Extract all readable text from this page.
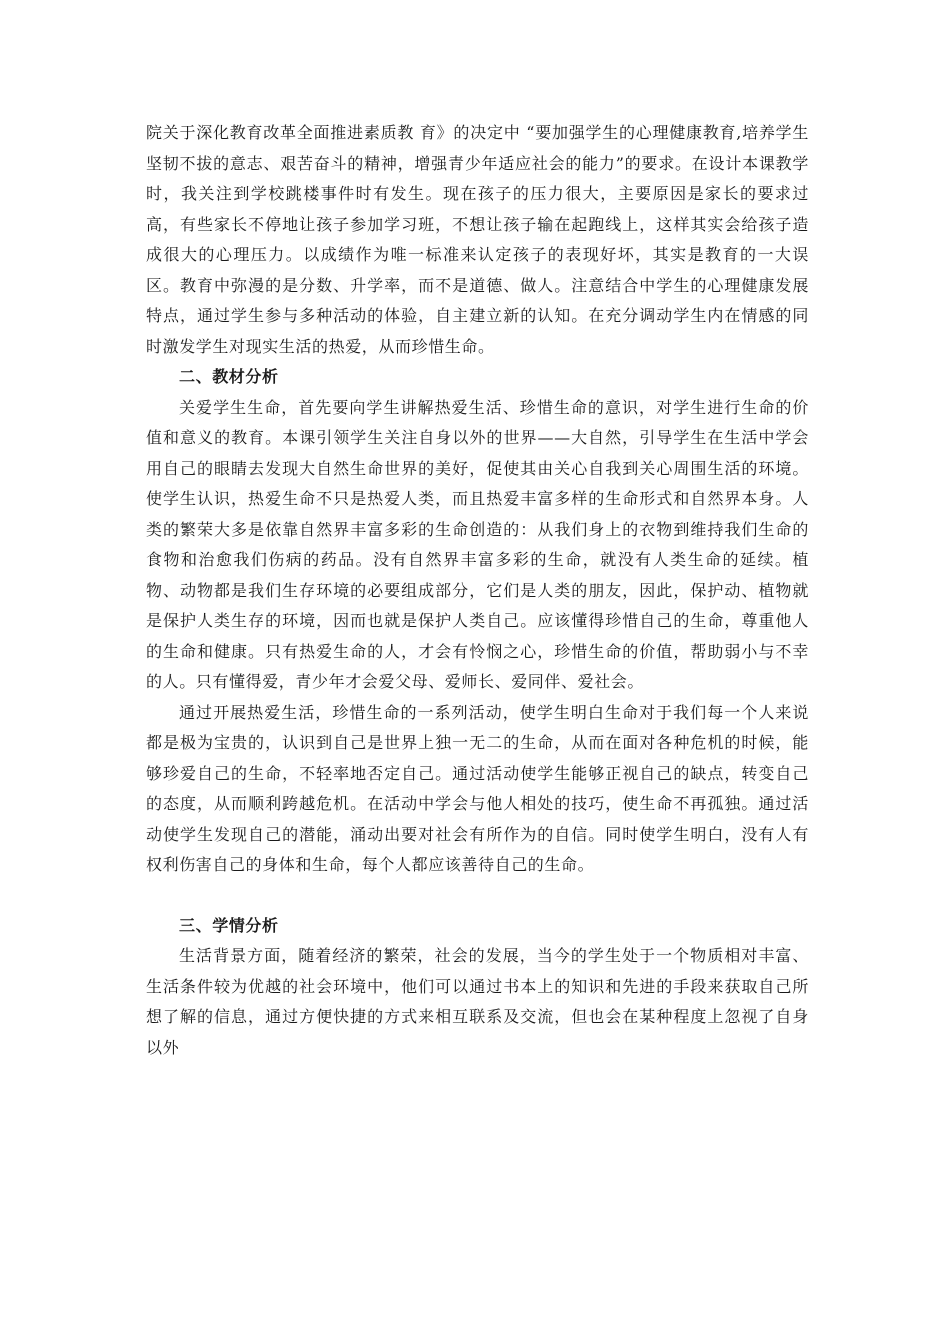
院关于深化教育改革全面推进素质教 育》的决定中 “要加强学生的心理健康教育,培养学生坚韧不拔的意志、艰苦奋斗的精神，增强青少年适应社会的能力”的要求。在设计本课教学时，我关注到学校跳楼事件时有发生。现在孩子的压力很大，主要原因是家长的要求过高，有些家长不停地让孩子参加学习班，不想让孩子输在起跑线上，这样其实会给孩子造成很大的心理压力。以成绩作为唯一标准来认定孩子的表现好坏，其实是教育的一大误区。教育中弥漫的是分数、升学率，而不是道德、做人。注意结合中学生的心理健康发展特点，通过学生参与多种活动的体验，自主建立新的认知。在充分调动学生内在情感的同时激发学生对现实生活的热爱，从而珍惜生命。

二、教材分析

关爱学生生命，首先要向学生讲解热爱生活、珍惜生命的意识，对学生进行生命的价值和意义的教育。本课引领学生关注自身以外的世界——大自然，引导学生在生活中学会用自己的眼睛去发现大自然生命世界的美好，促使其由关心自我到关心周围生活的环境。使学生认识，热爱生命不只是热爱人类，而且热爱丰富多样的生命形式和自然界本身。人类的繁荣大多是依靠自然界丰富多彩的生命创造的：从我们身上的衣物到维持我们生命的食物和治愈我们伤病的药品。没有自然界丰富多彩的生命，就没有人类生命的延续。植物、动物都是我们生存环境的必要组成部分，它们是人类的朋友，因此，保护动、植物就是保护人类生存的环境，因而也就是保护人类自己。应该懂得珍惜自己的生命，尊重他人的生命和健康。只有热爱生命的人，才会有怜悯之心，珍惜生命的价值，帮助弱小与不幸的人。只有懂得爱，青少年才会爱父母、爱师长、爱同伴、爱社会。

通过开展热爱生活，珍惜生命的一系列活动，使学生明白生命对于我们每一个人来说都是极为宝贵的，认识到自己是世界上独一无二的生命，从而在面对各种危机的时候，能够珍爱自己的生命，不轻率地否定自己。通过活动使学生能够正视自己的缺点，转变自己的态度，从而顺利跨越危机。在活动中学会与他人相处的技巧，使生命不再孤独。通过活动使学生发现自己的潜能，涌动出要对社会有所作为的自信。同时使学生明白，没有人有权利伤害自己的身体和生命，每个人都应该善待自己的生命。

三、学情分析

生活背景方面，随着经济的繁荣，社会的发展，当今的学生处于一个物质相对丰富、生活条件较为优越的社会环境中，他们可以通过书本上的知识和先进的手段来获取自己所想了解的信息，通过方便快捷的方式来相互联系及交流，但也会在某种程度上忽视了自身以外
